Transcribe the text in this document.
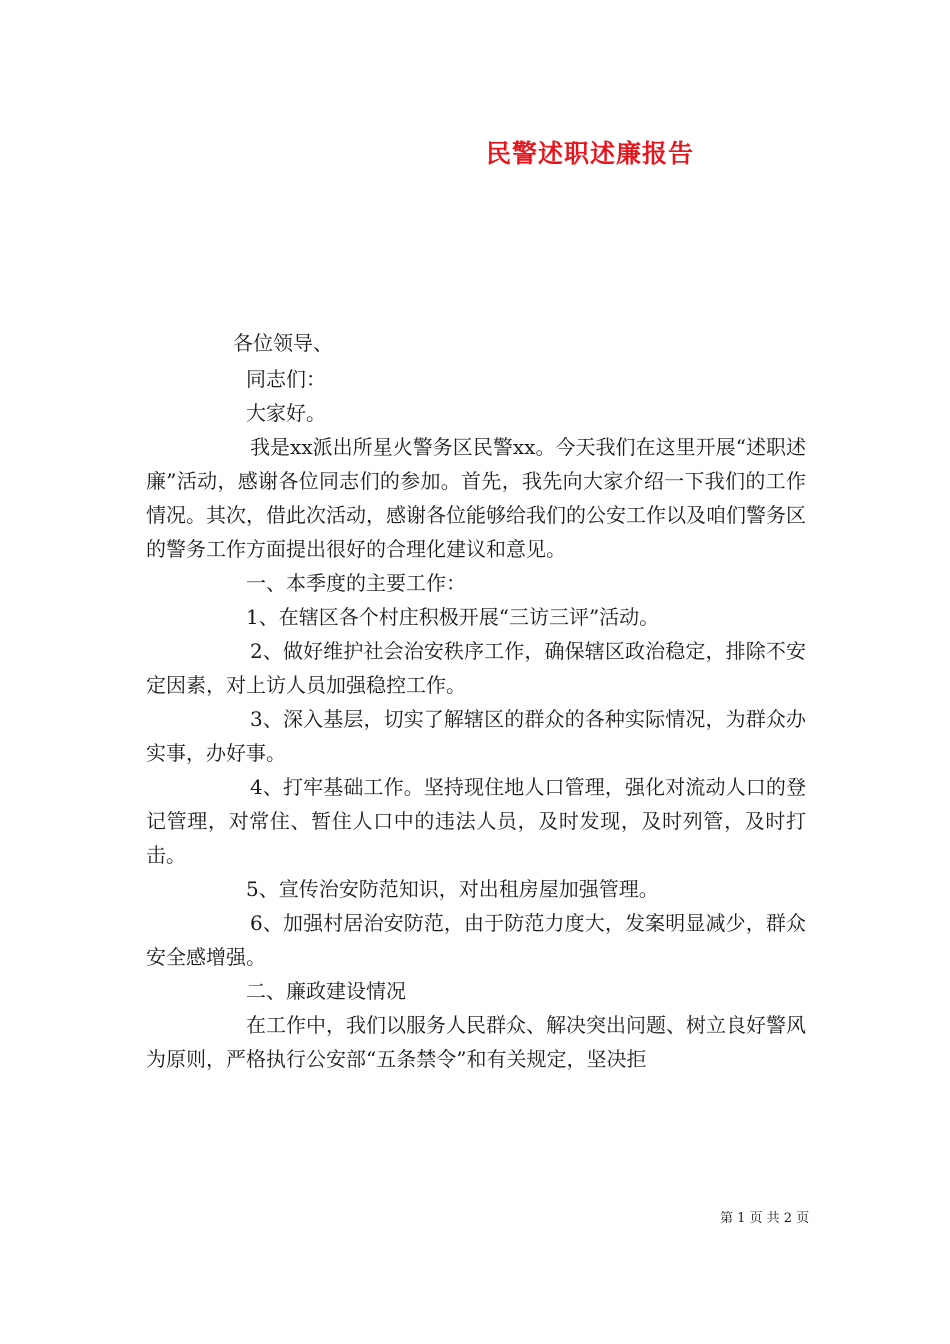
民警述职述廉报告

各位领导、

同志们：

大家好。

我是xx派出所星火警务区民警xx。今天我们在这里开展“述职述廉”活动，感谢各位同志们的参加。首先，我先向大家介绍一下我们的工作情况。其次，借此次活动，感谢各位能够给我们的公安工作以及咱们警务区的警务工作方面提出很好的合理化建议和意见。

一、本季度的主要工作：

1、在辖区各个村庄积极开展“三访三评”活动。

2、做好维护社会治安秩序工作，确保辖区政治稳定，排除不安定因素，对上访人员加强稳控工作。

3、深入基层，切实了解辖区的群众的各种实际情况，为群众办实事，办好事。

4、打牢基础工作。坚持现住地人口管理，强化对流动人口的登记管理，对常住、暂住人口中的违法人员，及时发现，及时列管，及时打击。

5、宣传治安防范知识，对出租房屋加强管理。

6、加强村居治安防范，由于防范力度大，发案明显减少，群众安全感增强。

二、廉政建设情况

在工作中，我们以服务人民群众、解决突出问题、树立良好警风为原则，严格执行公安部“五条禁令”和有关规定，坚决拒

第 1 页 共 2 页
